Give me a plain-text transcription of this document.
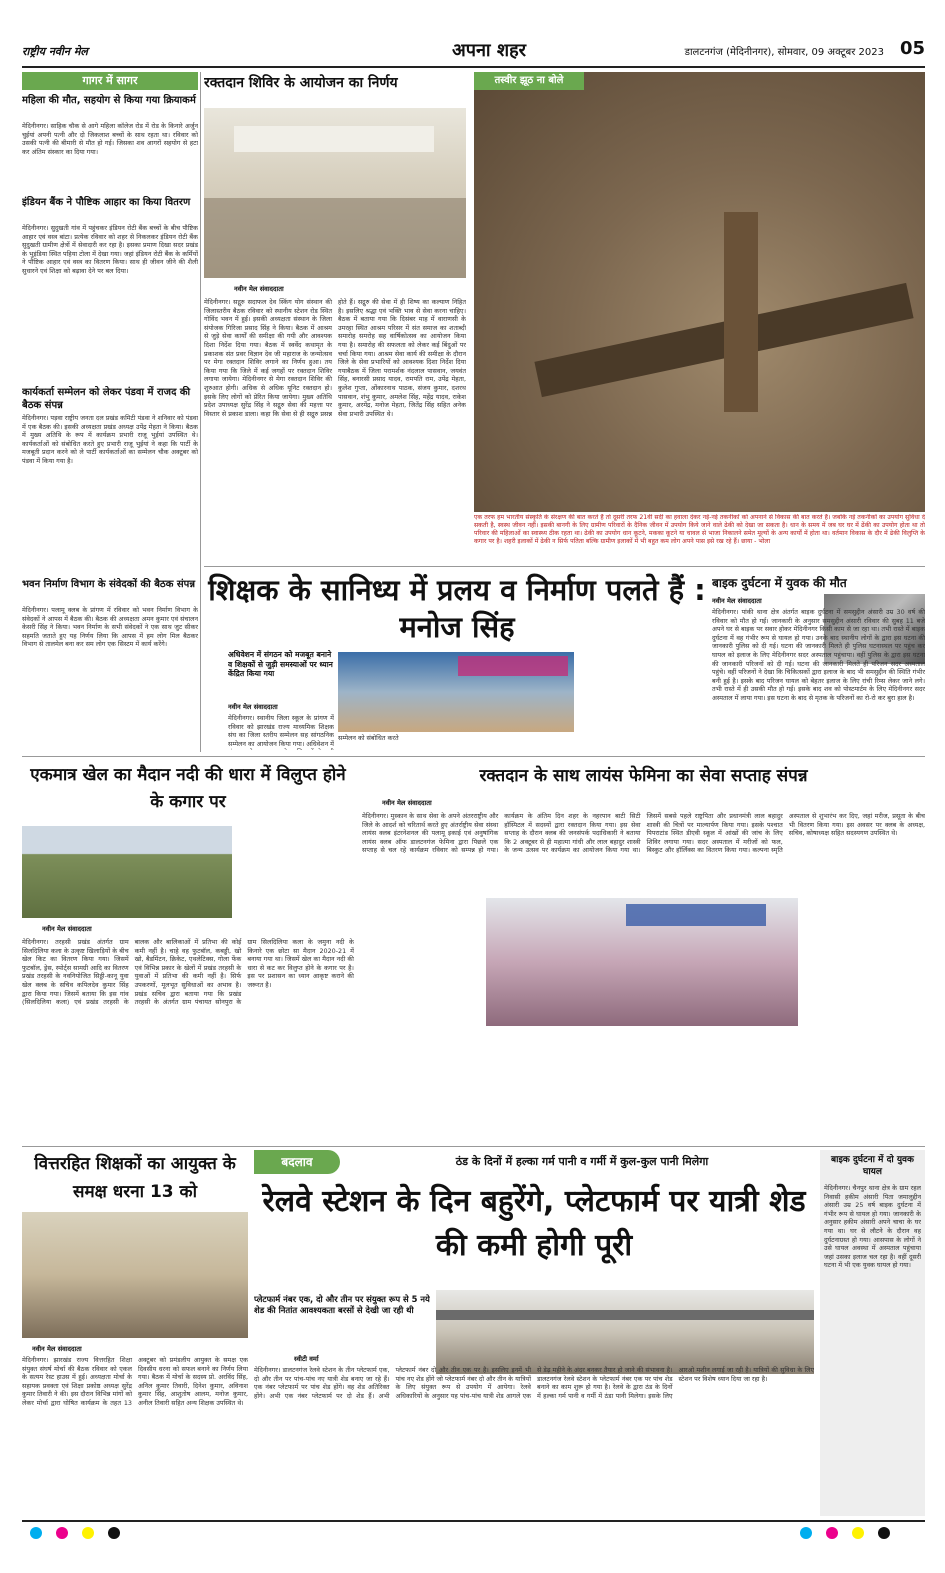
राष्ट्रीय नवीन मेल	अपना शहर	डालटनगंज (मेदिनीनगर), सोमवार, 09 अक्टूबर 2023 05
गागर में सागर
महिला की मौत, सहयोग से किया गया क्रियाकर्म
मेदिनीनगर। साहिक चौक से आगे महिला कॉलेज रोड में रोड के किनारे अर्जुन चुईयां अपनी पत्नी और दो जिकलाश बच्चों के साथ रहता था। रविवार को उसकी पत्नी की बीमारी से मौत हो गई। जिसका शव आगरों सहयोग से हटा कर अंतिम संस्कार का दिया गया।
इंडियन बैंक ने पौष्टिक आहार का किया वितरण
मेदिनीनगर। सुदुखती गांव में पहुंचकर इंडियन रोटी बैंक बच्चों के बीच पौष्टिक आहार एवं वस्त्र बांटा। प्रत्येक रविवार को शहर से निकलकर इंडियन रोटी बैंक सुदुखती ग्रामीण क्षेत्रों में सेवादारी कर रहा है। इसका प्रमाण दिखा सदर प्रखंड के भुइंडिया स्थित पहिया टोला में देखा गया। जहां इंडियन रोटी बैंक के कर्मियों ने पौष्टिक आहार एवं वस्त्र का वितरण किया। साथ ही जीवन जीने की शैली सुधारने एवं शिक्षा को बढ़ावा देने पर बल दिया।
कार्यकर्ता सम्मेलन को लेकर पंडवा में राजद की बैठक संपन्न
मेदिनीनगर। पड़वा राष्ट्रीय जनता दल प्रखंड कमिटी पंडवा ने शनिवार को पंडवा में एक बैठक की। इसकी अध्यक्षता प्रखंड अध्यक्ष उपेंद्र मेहता ने किया। बैठक में मुख्य अतिथि के रूप में कार्यक्रम प्रभारी राजू भुईयां उपस्थित थे। कार्यकर्ताओं को संबोधित करते हुए प्रभारी राजू भुईयां ने कहा कि पार्टी के मजबूती प्रदान करने को ले पार्टी कार्यकर्ताओं का सम्मेलन चौक अक्टूबर को पंडवा में किया गया है।
भवन निर्माण विभाग के संवेदकों की बैठक संपन्न
मेदिनीनगर। पलामू क्लब के प्रांगण में रविवार को भवन निर्माण विभाग के संवेदकों ने आपस में बैठक की। बैठक की अध्यक्षता अमन कुमार एवं संचालन केसरी सिंह ने किया। भवन निर्माण के सभी संवेदकों ने एक साथ जुट सीकर सहमति जताते हुए यह निर्णय लिया कि आपस में हम लोग मिल बैठकर विभाग से तालमेल बना कर सम लोग एक सिस्टम में कार्य करेंगे।
रक्तदान शिविर के आयोजन का निर्णय
नवीन मेल संवाददाता
मेदिनीनगर। सद्गुरु सदाफल देव स्किंग योग संस्थान की जिलास्तरीय बैठक रविवार को स्थानीय स्टेशन रोड स्थित गोविंद भवन में हुई। इसकी अध्यक्षता संस्थान के जिला संयोजक गिरिजा प्रसाद सिंह ने किया। बैठक में आश्रम से जुड़े सेवा कार्यों की समीक्षा की गयी और आवश्यक दिशा निर्देश दिया गया। बैठक में स्वर्वेद कथामृत के प्रकाशक संत प्रवर विज्ञान देव जी महाराज के जन्मोत्सव पर मेगा रक्तदान शिविर लगाने का निर्णय हुआ। तय किया गया कि जिले में कई जगहों पर रक्तदान शिविर लगाया जायेगा। मेदिनीनगर से मेगा रक्तदान शिविर की शुरुआत होगी। अधिक से अधिक यूनिट रक्तदान हो। इसके लिए लोगों को प्रेरित किया जायेगा। मुख्य अतिथि प्रदेश उपाध्यक्ष सुरेंद्र सिंह ने सद्गुरु सेवा की महत्ता पर विस्तार से प्रकाश डाला। कहा कि सेवा से ही सद्गुरु प्रसन्न होते हैं। सद्गुरु की सेवा में ही शिष्य का कल्याण निहित है। इसलिए श्रद्धा एवं भक्ति भाव से सेवा करना चाहिए। बैठक में बताया गया कि दिसंबर माह में वाराणसी के उमरहा स्थित आश्रम परिसर में संत समाज का शताब्दी समारोह समरोह सह वार्षिकोत्सव का आयोजन किया गया है। समारोह की सफलता को लेकर कई बिंदुओं पर चर्चा किया गया। आश्रम सेवा कार्य की समीक्षा के दौरान जिले के सेवा प्रभारियों को आवश्यक दिशा निर्देश दिया गयाबैठक में जिला परामर्शक नंदलाल पासवान, जयवंत सिंह, बनारसी प्रसाद यादव, रामपति राम, उपेंद्र मेहता, कुलेश गुप्ता, ओंकारनाथ पाठक, संजय कुमार, दशरथ पासवान, शंभु कुमार, अमलेश सिंह, महेंद्र यादव, राकेश कुमार, अरमेंद्र, मनोज मेहता, जितेंद्र सिंह सहित अनेक सेवा प्रभारी उपस्थित थे।
तस्वीर झूठ ना बोले
एक तरफ हम भारतीय संस्कृति के संरक्षण की बात करते हैं तो दूसरी तरफ 21वीं सदी का हवाला देकर नई-नई तकनीकों को अपनाने से विकास की बात करते हैं। जबकि नई तकनीकों का उपयोग सुविधा दे सकती है, स्वस्थ जीवन नहीं। इसकी बानगी के लिए ग्रामीण परिवारों के दैनिक जीवन में उपयोग किये जाने वाले ढेकी को देखा जा सकता है। धान के समय में जब घर घर में ढेंकी का उपयोग होता था तो परिवार की महिलाओं का स्वास्थ्य ठीक रहता था। ढेकी का उपयोग धान कूटने, मकका कूटने या चावल से भाजा निकालने समेत मूल्यों के अन्य कार्यों में होता था। वर्तमान विकास के दौर में ढेकी विलुप्ति के कगार पर है। शहरी इलाकों में ढेकी न सिर्फ पतिता बल्कि ग्रामीण इलाकों में भी बहुत कम लोग अपने पास इसे रख रहे हैं। छाया - भोला
शिक्षक के सानिध्य में प्रलय व निर्माण पलते हैं : मनोज सिंह
अधिवेशन में संगठन को मजबूत बनाने व शिक्षकों से जुड़ी समस्याओं पर ध्यान केंद्रित किया गया
नवीन मेल संवाददाता
मेदिनीनगर। स्थानीय जिला स्कूल के प्रांगण में रविवार को झारखंड राज्य माध्यमिक शिक्षक संघ का जिला स्तरीय सम्मेलन सह सांगठनिक सम्मेलन का आयोजन किया गया। अधिवेशन में
सम्मेलन को संबोधित करते
बाइक दुर्घटना में युवक की मौत
नवीन मेल संवाददाता
मेदिनीनगर। पांकी थाना क्षेत्र अंतर्गत बाइक दुर्घटना में समसुद्दीन अंसारी उम्र 30 वर्ष की रविवार को मौत हो गई। जानकारी के अनुसार समसुद्दीन अंसारी रविवार की सुबह 11 बजे अपने घर से बाइक पर सवार होकर मेदिनीनगर किसी काम से जा रहा था। तभी रास्ते में बाइक दुर्घटना में वह गंभीर रूप से घायल हो गया। उनके बाद स्थानीय लोगों के द्वारा इस घटना की जानकारी पुलिस को दी गई। घटना की जानकारी मिलते ही पुलिस घटनास्थल पर पहुंच कर घायल को इलाज के लिए मेदिनीनगर सदर अस्पताल पहुंचाया। वहीं पुलिस के द्वारा इस घटना की जानकारी परिजनों को दी गई। घटना की जानकारी मिलते ही परिजन सदर अस्पताल पहुंचे। वहीं परिजनों ने देखा कि चिकित्सकों द्वारा इलाज के बाद भी समसुद्दीन की स्थिति गंभीर बनी हुई है। इसके बाद परिजन घायल को बेहतर इलाज के लिए रांची रिम्स लेकर जाने लगे। तभी रास्ते में ही उसकी मौत हो गई। इसके बाद शव को पोस्टमार्टम के लिए मेदिनीनगर सदर अस्पताल में लाया गया। इस घटना के बाद से मृतक के परिजनों का रो-रो कर बुरा हाल है।
एकमात्र खेल का मैदान नदी की धारा में विलुप्त होने के कगार पर
नवीन मेल संवाददाता
मेदिनीनगर। तरहसी प्रखंड अंतर्गत ग्राम सिलदिलिया कला के उत्कृष्ट खिलाड़ियों के बीच खेल किट का वितरण किया गया। जिसमें फुटबॉल, ड्रेस, स्पोर्ट्स सामग्री आदि का वितरण प्रखंड तरहसी के नवनियोजित सिड्डी-कानू युवा खेल क्लब के सचिव कपिलदेव कुमार सिंह द्वारा किया गया। जिसमें बताया कि इस गांव (सिलदिलिया कला) एवं प्रखंड तरहसी के बालक और बालिकाओं में प्रतिभा की कोई कमी नहीं है। चाहे वह फुटबॉल, कबड्डी, खो खो, बैडमिंटन, क्रिकेट, एथलेटिक्स, गोला फेंक एवं विभिन्न प्रकार के खेलों में प्रखंड तरहसी के युवाओं में प्रतिभा की कमी नहीं है। सिर्फ उपकरणों, मूलभूत सुविधाओं का अभाव है। प्रखंड सचिव द्वारा बताया गया कि प्रखंड तरहसी के अंतर्गत ग्राम पंचायत सोनपुरा के ग्राम सिलदिलिया कला के जमुना नदी के किनारे एक छोटा सा मैदान 2020-21 में बनाया गया था। जिसमें खेल का मैदान नदी की धारा से कट कर विलुप्त होने के कगार पर है। इस पर प्रशासन का ध्यान आकृष्ट कराने की जरूरत है।
रक्तदान के साथ लायंस फेमिना का सेवा सप्ताह संपन्न
नवीन मेल संवाददाता
मेदिनीनगर। मुस्कान के साथ सेवा के अपने अंतरराष्ट्रीय और जिले के आदर्श को चरितार्थ करते हुए अंतर्राष्ट्रीय सेवा संस्था लायंस क्लब इंटरनेशनल की पलामू इकाई एवं अनुषांगिक लायंस क्लब ऑफ डालटनगंज फेमिना द्वारा पिछले एक सप्ताह से चल रहे कार्यक्रम रविवार को सम्पन्न हो गया। कार्यक्रम के अंतिम दिन शहर के नहरपान बाटी सिटी हॉस्पिटल में सदस्यों द्वारा रक्तदान किया गया। इस सेवा सप्ताह के दौरान क्लब की जनसंपर्क पदाधिकारी ने बताया कि 2 अक्टूबर से ही महात्मा गांधी और लाल बहादुर शास्त्री के जन्म उत्सव पर कार्यक्रम का आयोजन किया गया था। जिसमें सबसे पहले राष्ट्रपिता और प्रधानमंत्री लाल बहादुर शास्त्री की चित्रों पर माल्यार्पण किया गया। इसके पश्चात पिपराटांड स्थित डीएवी स्कूल में आंखों की जांच के लिए शिविर लगाया गया। सदर अस्पताल में मरीजों को फल, बिस्कुट और हॉर्लिक्स का वितरण किया गया। कल्पना स्मृति अस्पताल से शुभारंभ कर दिए, जहां मरीज, प्रसूता के बीच भी वितरण किया गया। इस अवसर पर क्लब के अध्यक्ष, सचिव, कोषाध्यक्ष सहित सदस्यगण उपस्थित थे।
वित्तरहित शिक्षकों का आयुक्त के समक्ष धरना 13 को
नवीन मेल संवाददाता
मेदिनीनगर। झारखंड राज्य वित्तरहित शिक्षा संयुक्त संघर्ष मोर्चा की बैठक रविवार को एकल के सत्यम रेस्ट हाउस में हुई। अध्यक्षता मोर्चा के सहायक प्रवक्ता एवं शिक्षा प्रकोष्ठ अध्यक्ष सुरेंद्र कुमार तिवारी ने की। इस दौरान विभिन्न मांगों को लेकर मोर्चा द्वारा घोषित कार्यक्रम के तहत 13 अक्टूबर को प्रमंडलीय आयुक्त के समक्ष एक दिवसीय धरना को सफल बनाने का निर्णय लिया गया। बैठक में मोर्चा के सदस्य प्रो. अरविंद सिंह, अनिल कुमार तिवारी, दिनेश कुमार, अविनाश कुमार सिंह, आशुतोष आलम, मनोज कुमार, अनील तिवारी सहित अन्य शिक्षक उपस्थित थे।
बदलाव	ठंड के दिनों में हल्का गर्म पानी व गर्मी में कुल-कुल पानी मिलेगा
रेलवे स्टेशन के दिन बहुरेंगे, प्लेटफार्म पर यात्री शेड की कमी होगी पूरी
प्लेटफार्म नंबर एक, दो और तीन पर संयुक्त रूप से 5 नये शेड की नितांत आवश्यकता बरसों से देखी जा रही थी
स्वीटी वर्मा
मेदिनीनगर। डालटनगंज रेलवे स्टेशन के तीन प्लेटफार्म एक, दो और तीन पर पांच-पांच नए यात्री शेड बनाए जा रहे हैं। एक नंबर प्लेटफार्म पर पांच शेड होंगे। वह शेड अतिरिक्त होंगे। अभी एक नंबर प्लेटफार्म पर दो शेड हैं। अभी प्लेटफार्म नंबर दो और तीन एक पर है। इसलिए इनमें भी पांच नए शेड होंगे जो प्लेटफार्म नंबर दो और तीन के यात्रियों के लिए संयुक्त रूप से उपयोग में आयेगा। रेलवे अधिकारियों के अनुसार यह पांच-पांच यात्री शेड आगले एक से डेढ़ महीने के अंदर बनकर तैयार हो जाने की संभावना है। डालटनगंज रेलवे स्टेशन के प्लेटफार्म नंबर एक पर पांच शेड बनाने का काम शुरू हो गया है। रेलवे के द्वारा ठंड के दिनों में हल्का गर्म पानी व गर्मी में ठंडा पानी मिलेगा। इसके लिए आरओ मशीन लगाई जा रही है। यात्रियों की सुविधा के लिए स्टेशन पर विशेष ध्यान दिया जा रहा है।
बाइक दुर्घटना में दो युवक घायल
मेदिनीनगर। चैनपुर थाना क्षेत्र के ग्राम रहल निवासी हकीम अंसारी पिता जमालुद्दीन अंसारी उम्र 25 वर्ष बाइक दुर्घटना में गंभीर रूप से घायल हो गया। जानकारी के अनुसार हकीम अंसारी अपने चाचा के घर गया था। घर से लौटने के दौरान वह दुर्घटनाग्रस्त हो गया। आसपास के लोगों ने उसे घायल अवस्था में अस्पताल पहुंचाया जहां उसका इलाज चल रहा है। वहीं दूसरी घटना में भी एक युवक घायल हो गया।
